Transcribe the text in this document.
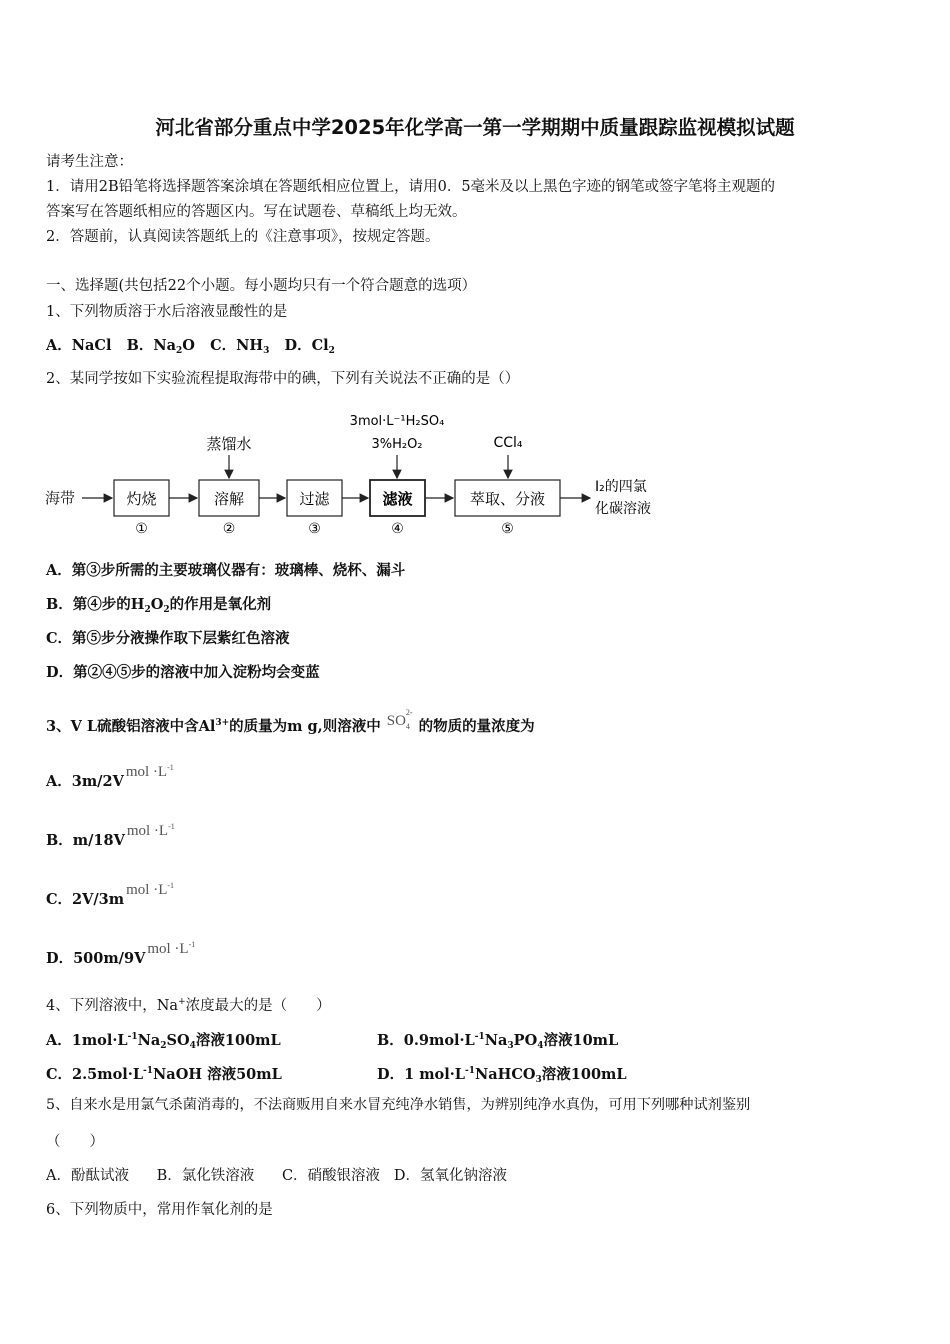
河北省部分重点中学2025年化学高一第一学期期中质量跟踪监视模拟试题
请考生注意：
1．请用2B铅笔将选择题答案涂填在答题纸相应位置上，请用0．5毫米及以上黑色字迹的钢笔或签字笔将主观题的
答案写在答题纸相应的答题区内。写在试题卷、草稿纸上均无效。
2．答题前，认真阅读答题纸上的《注意事项》，按规定答题。
一、选择题(共包括22个小题。每小题均只有一个符合题意的选项）
1、下列物质溶于水后溶液显酸性的是
A．NaCl B．$Na_2O$ C．$NH_3$ D．$Cl_2$
2、某同学按如下实验流程提取海带中的碘，下列有关说法不正确的是（）
海带	灼烧
①
溶解
②
蒸馏水
过滤
③
滤液
④
3mol·L⁻¹H₂SO₄
3%H₂O₂
萃取、分液
⑤
CCl₄
I₂的四氯
化碳溶液
A．第③步所需的主要玻璃仪器有：玻璃棒、烧杯、漏斗
B．第④步的$H_2O_2$的作用是氧化剂
C．第⑤步分液操作取下层紫红色溶液
D．第②④⑤步的溶液中加入淀粉均会变蓝
3、V L硫酸铝溶液中含$Al^{3+}$的质量为m g,则溶液中 $SO_4^{2-}$的物质的量浓度为
A．3m/2Vmol $\cdot L^{-1}$
B．m/18Vmol $\cdot L^{-1}$
C．2V/3mmol $\cdot L^{-1}$
D．500m/9Vmol $\cdot L^{-1}$
4、下列溶液中，Na+浓度最大的是（　　）
A．$1mol\cdot L^{-1}Na_2SO_4$溶液100mL	B．$0.9mol\cdot L^{-1}Na_3PO_4$溶液10mL
C．$2.5mol\cdot L^{-1}NaOH$ 溶液50mL	D．1 $mol\cdot L^{-1}NaHCO_3$溶液100mL
5、自来水是用氯气杀菌消毒的，不法商贩用自来水冒充纯净水销售，为辨别纯净水真伪，可用下列哪种试剂鉴别
（　　）
A．酚酞试液 B．氯化铁溶液 C．硝酸银溶液 D．氢氧化钠溶液
6、下列物质中，常用作氧化剂的是
